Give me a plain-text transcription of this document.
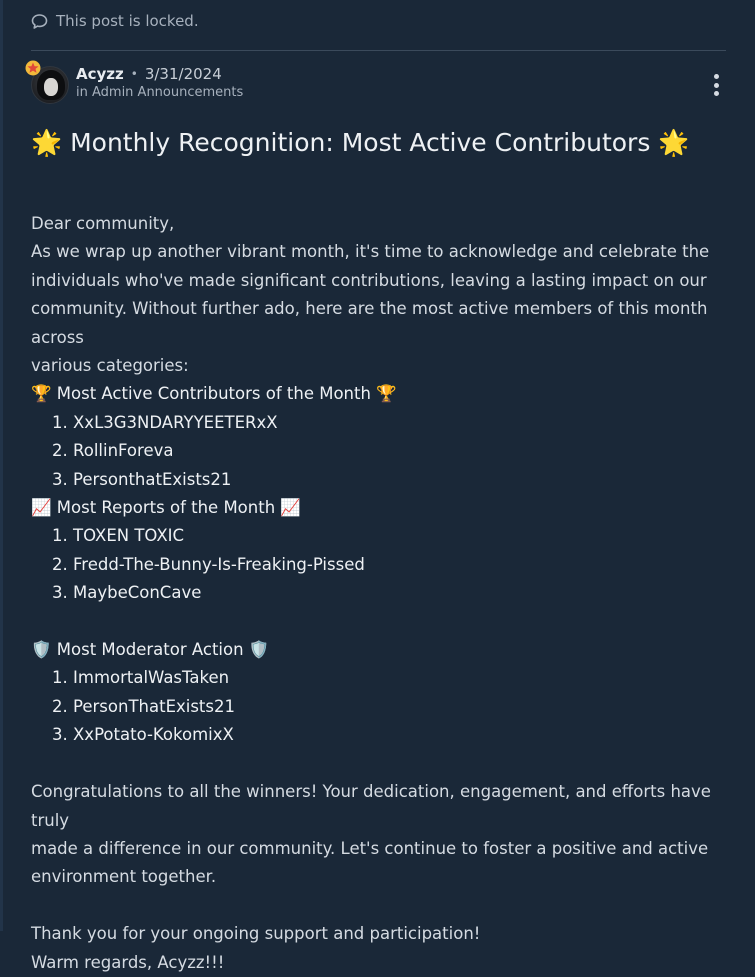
This post is locked.
Acyzz • 3/31/2024
in Admin Announcements
🌟 Monthly Recognition: Most Active Contributors 🌟

Dear community,

As we wrap up another vibrant month, it's time to acknowledge and celebrate the

individuals who've made significant contributions, leaving a lasting impact on our

community. Without further ado, here are the most active members of this month across

various categories:

🏆 Most Active Contributors of the Month 🏆

1. XxL3G3NDARYYEETERxX
2. RollinForeva
3. PersonthatExists21

📈 Most Reports of the Month 📈

1. TOXEN TOXIC
2. Fredd-The-Bunny-Is-Freaking-Pissed
3. MaybeConCave

🛡️ Most Moderator Action 🛡️

1. ImmortalWasTaken
2. PersonThatExists21
3. XxPotato-KokomixX

Congratulations to all the winners! Your dedication, engagement, and efforts have truly

made a difference in our community. Let's continue to foster a positive and active

environment together.

Thank you for your ongoing support and participation!

Warm regards, Acyzz!!!
